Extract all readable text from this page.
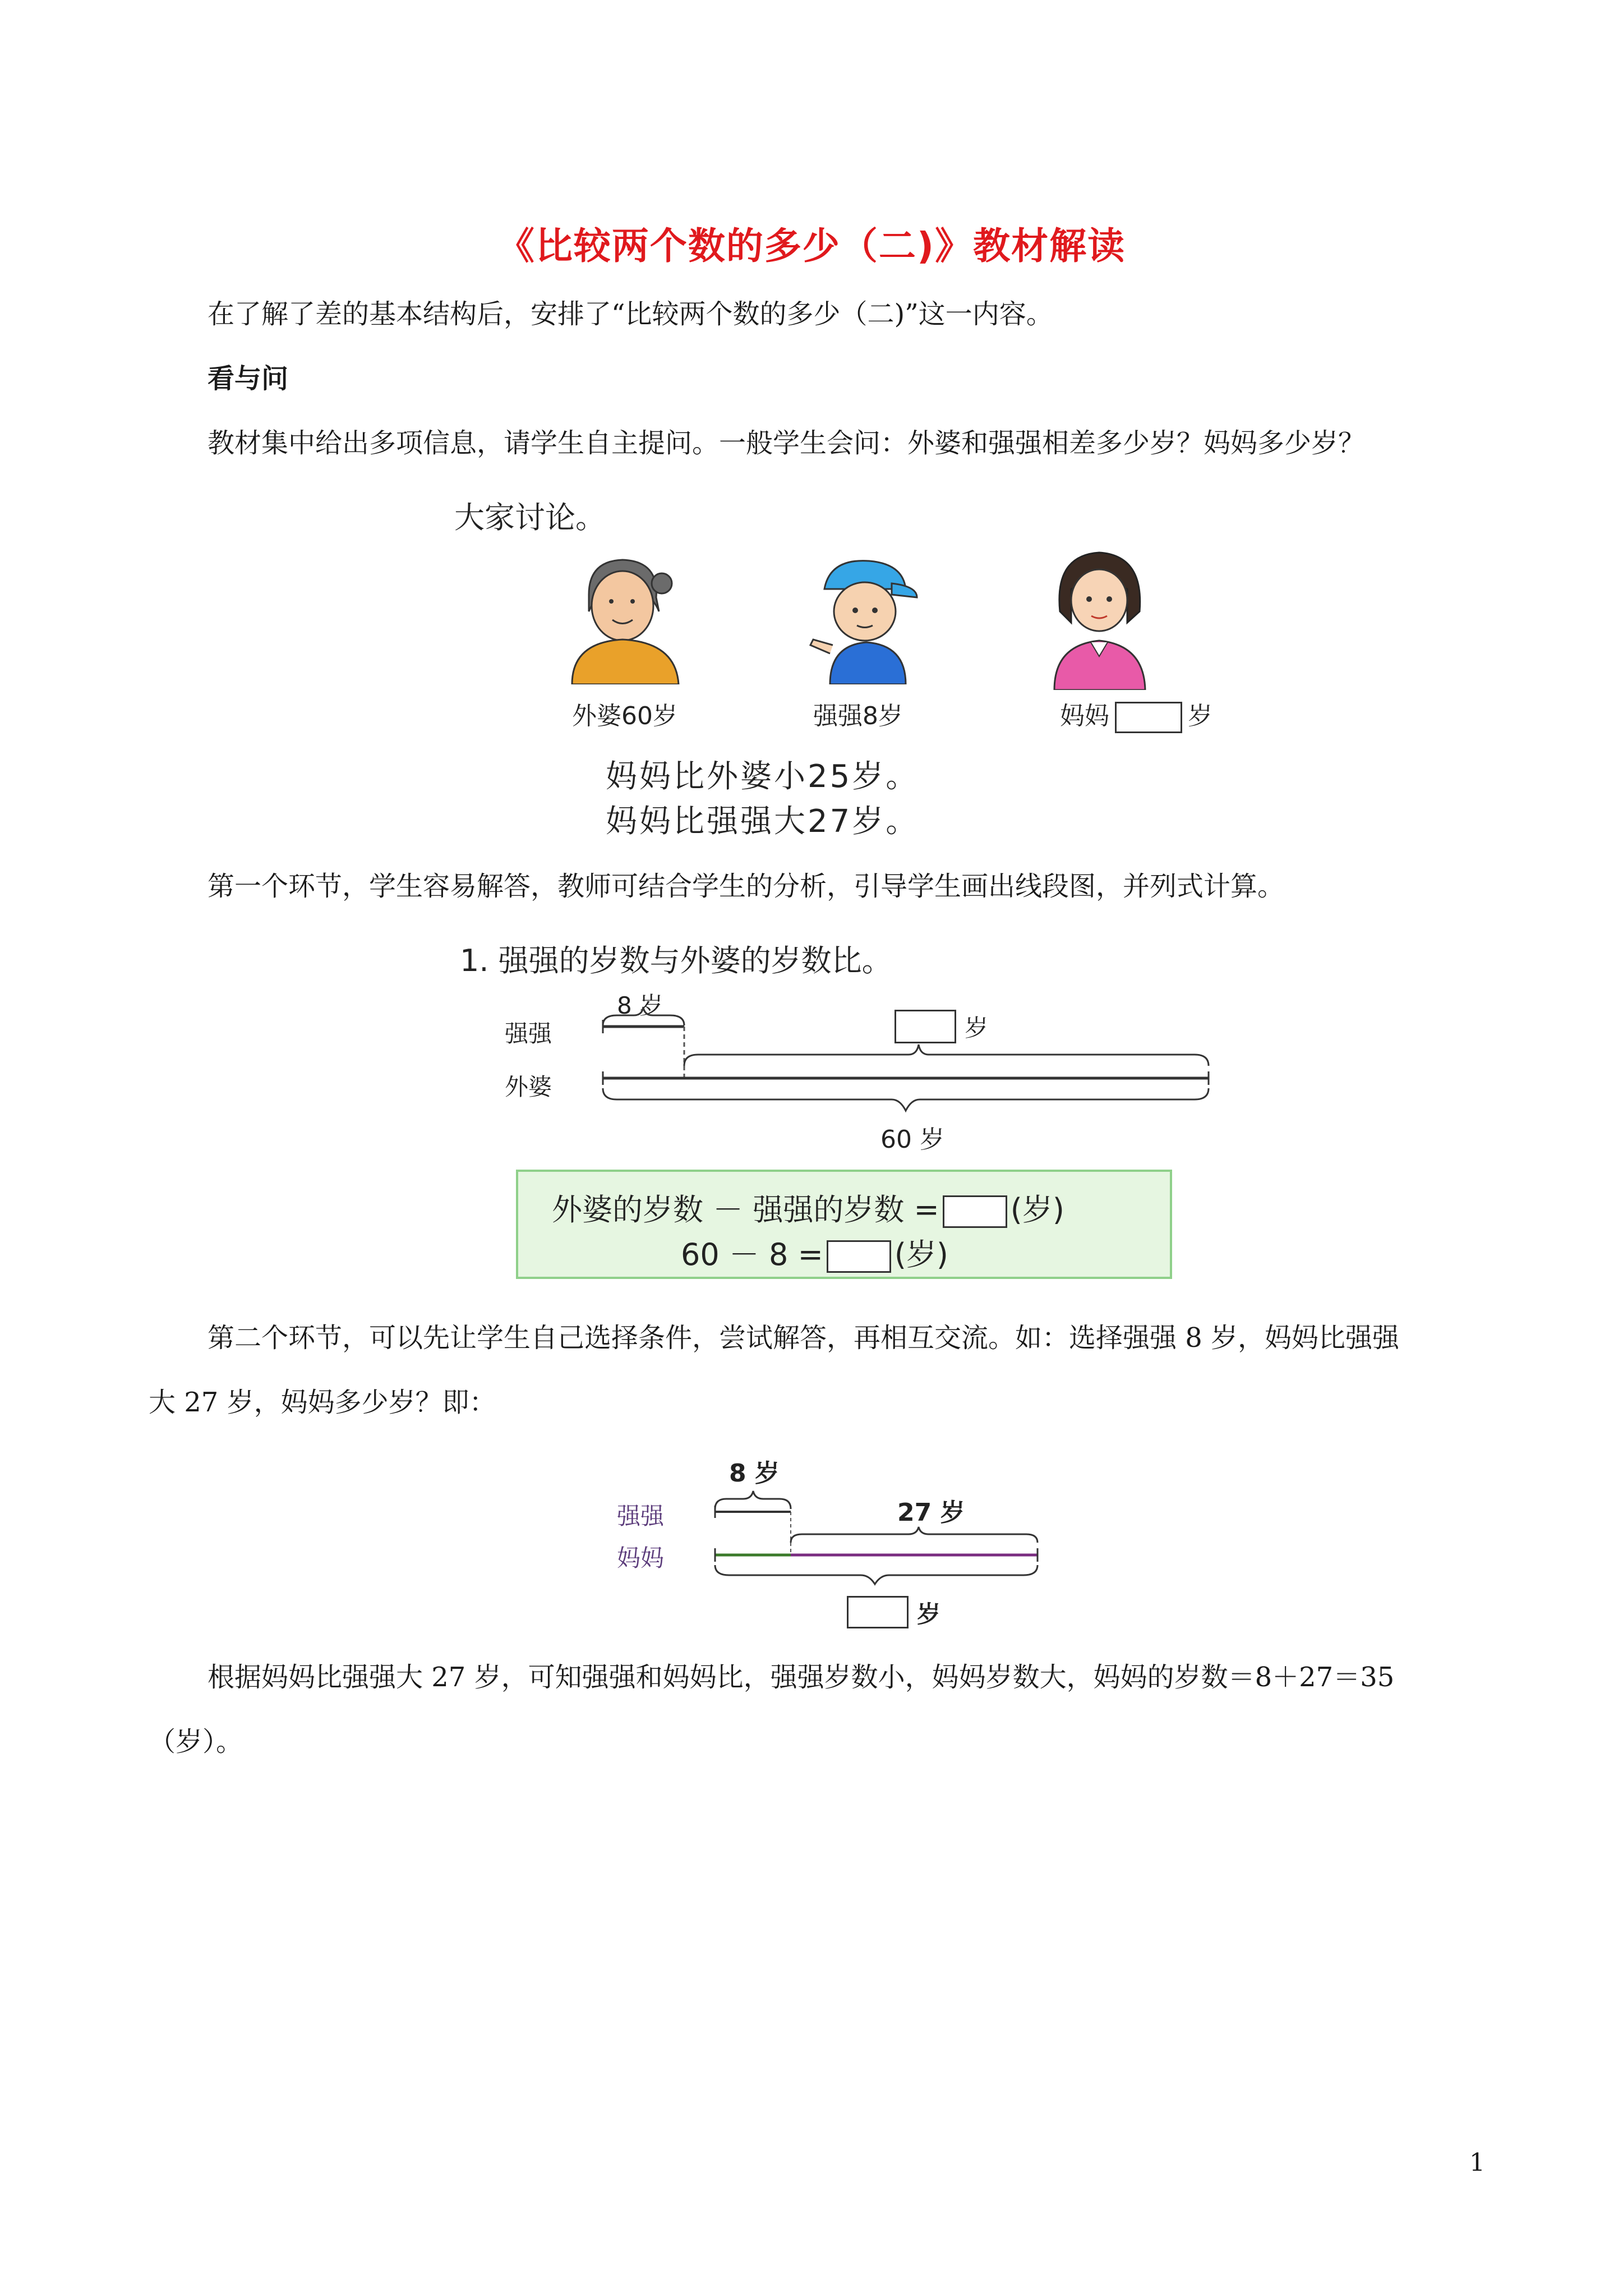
《比较两个数的多少（二)》教材解读
在了解了差的基本结构后，安排了“比较两个数的多少（二)”这一内容。
看与问
教材集中给出多项信息，请学生自主提问。一般学生会问：外婆和强强相差多少岁？妈妈多少岁？
大家讨论。
外婆60岁	强强8岁	妈妈	岁
妈妈比外婆小25岁。
妈妈比强强大27岁。
第一个环节，学生容易解答，教师可结合学生的分析，引导学生画出线段图，并列式计算。
1. 强强的岁数与外婆的岁数比。
8 岁
强强
外婆
岁
60 岁
外婆的岁数 － 强强的岁数 = (岁)
60 － 8 = (岁)
第二个环节，可以先让学生自己选择条件，尝试解答，再相互交流。如：选择强强 8 岁，妈妈比强强
大 27 岁，妈妈多少岁？即：
8 岁
强强
妈妈
27 岁
岁
根据妈妈比强强大 27 岁，可知强强和妈妈比，强强岁数小，妈妈岁数大，妈妈的岁数＝8＋27＝35
（岁）。
1
